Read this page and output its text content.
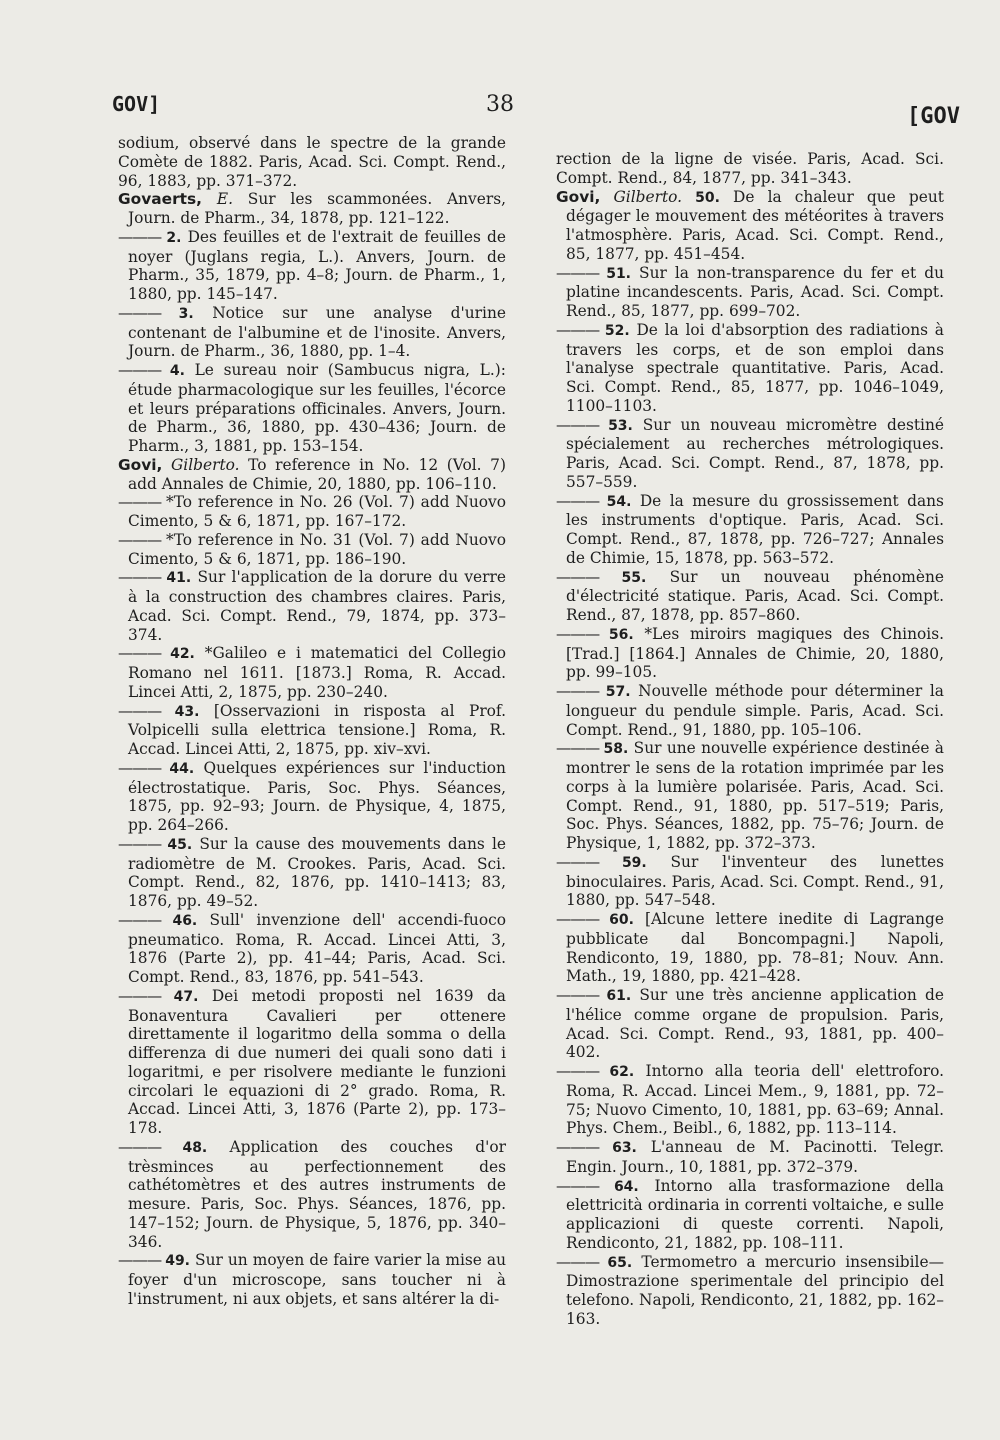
GOV]	38	[GOV

sodium, observé dans le spectre de la grande Comète de 1882. Paris, Acad. Sci. Compt. Rend., 96, 1883, pp. 371–372.

Govaerts, E. Sur les scammonées. Anvers, Journ. de Pharm., 34, 1878, pp. 121–122.

——— 2. Des feuilles et de l'extrait de feuilles de noyer (Juglans regia, L.). Anvers, Journ. de Pharm., 35, 1879, pp. 4–8; Journ. de Pharm., 1, 1880, pp. 145–147.

——— 3. Notice sur une analyse d'urine contenant de l'albumine et de l'inosite. Anvers, Journ. de Pharm., 36, 1880, pp. 1–4.

——— 4. Le sureau noir (Sambucus nigra, L.): étude pharmacologique sur les feuilles, l'écorce et leurs préparations officinales. Anvers, Journ. de Pharm., 36, 1880, pp. 430–436; Journ. de Pharm., 3, 1881, pp. 153–154.

Govi, Gilberto. To reference in No. 12 (Vol. 7) add Annales de Chimie, 20, 1880, pp. 106–110.

——— *To reference in No. 26 (Vol. 7) add Nuovo Cimento, 5 & 6, 1871, pp. 167–172.

——— *To reference in No. 31 (Vol. 7) add Nuovo Cimento, 5 & 6, 1871, pp. 186–190.

——— 41. Sur l'application de la dorure du verre à la construction des chambres claires. Paris, Acad. Sci. Compt. Rend., 79, 1874, pp. 373–374.

——— 42. *Galileo e i matematici del Collegio Romano nel 1611. [1873.] Roma, R. Accad. Lincei Atti, 2, 1875, pp. 230–240.

——— 43. [Osservazioni in risposta al Prof. Volpicelli sulla elettrica tensione.] Roma, R. Accad. Lincei Atti, 2, 1875, pp. xiv–xvi.

——— 44. Quelques expériences sur l'induction électrostatique. Paris, Soc. Phys. Séances, 1875, pp. 92–93; Journ. de Physique, 4, 1875, pp. 264–266.

——— 45. Sur la cause des mouvements dans le radiomètre de M. Crookes. Paris, Acad. Sci. Compt. Rend., 82, 1876, pp. 1410–1413; 83, 1876, pp. 49–52.

——— 46. Sull' invenzione dell' accendi-fuoco pneumatico. Roma, R. Accad. Lincei Atti, 3, 1876 (Parte 2), pp. 41–44; Paris, Acad. Sci. Compt. Rend., 83, 1876, pp. 541–543.

——— 47. Dei metodi proposti nel 1639 da Bonaventura Cavalieri per ottenere direttamente il logaritmo della somma o della differenza di due numeri dei quali sono dati i logaritmi, e per risolvere mediante le funzioni circolari le equazioni di 2° grado. Roma, R. Accad. Lincei Atti, 3, 1876 (Parte 2), pp. 173–178.

——— 48. Application des couches d'or trèsminces au perfectionnement des cathétomètres et des autres instruments de mesure. Paris, Soc. Phys. Séances, 1876, pp. 147–152; Journ. de Physique, 5, 1876, pp. 340–346.

——— 49. Sur un moyen de faire varier la mise au foyer d'un microscope, sans toucher ni à l'instrument, ni aux objets, et sans altérer la di-

rection de la ligne de visée. Paris, Acad. Sci. Compt. Rend., 84, 1877, pp. 341–343.

Govi, Gilberto. 50. De la chaleur que peut dégager le mouvement des météorites à travers l'atmosphère. Paris, Acad. Sci. Compt. Rend., 85, 1877, pp. 451–454.

——— 51. Sur la non-transparence du fer et du platine incandescents. Paris, Acad. Sci. Compt. Rend., 85, 1877, pp. 699–702.

——— 52. De la loi d'absorption des radiations à travers les corps, et de son emploi dans l'analyse spectrale quantitative. Paris, Acad. Sci. Compt. Rend., 85, 1877, pp. 1046–1049, 1100–1103.

——— 53. Sur un nouveau micromètre destiné spécialement au recherches métrologiques. Paris, Acad. Sci. Compt. Rend., 87, 1878, pp. 557–559.

——— 54. De la mesure du grossissement dans les instruments d'optique. Paris, Acad. Sci. Compt. Rend., 87, 1878, pp. 726–727; Annales de Chimie, 15, 1878, pp. 563–572.

——— 55. Sur un nouveau phénomène d'électricité statique. Paris, Acad. Sci. Compt. Rend., 87, 1878, pp. 857–860.

——— 56. *Les miroirs magiques des Chinois. [Trad.] [1864.] Annales de Chimie, 20, 1880, pp. 99–105.

——— 57. Nouvelle méthode pour déterminer la longueur du pendule simple. Paris, Acad. Sci. Compt. Rend., 91, 1880, pp. 105–106.

——— 58. Sur une nouvelle expérience destinée à montrer le sens de la rotation imprimée par les corps à la lumière polarisée. Paris, Acad. Sci. Compt. Rend., 91, 1880, pp. 517–519; Paris, Soc. Phys. Séances, 1882, pp. 75–76; Journ. de Physique, 1, 1882, pp. 372–373.

——— 59. Sur l'inventeur des lunettes binoculaires. Paris, Acad. Sci. Compt. Rend., 91, 1880, pp. 547–548.

——— 60. [Alcune lettere inedite di Lagrange pubblicate dal Boncompagni.] Napoli, Rendiconto, 19, 1880, pp. 78–81; Nouv. Ann. Math., 19, 1880, pp. 421–428.

——— 61. Sur une très ancienne application de l'hélice comme organe de propulsion. Paris, Acad. Sci. Compt. Rend., 93, 1881, pp. 400–402.

——— 62. Intorno alla teoria dell' elettroforo. Roma, R. Accad. Lincei Mem., 9, 1881, pp. 72–75; Nuovo Cimento, 10, 1881, pp. 63–69; Annal. Phys. Chem., Beibl., 6, 1882, pp. 113–114.

——— 63. L'anneau de M. Pacinotti. Telegr. Engin. Journ., 10, 1881, pp. 372–379.

——— 64. Intorno alla trasformazione della elettricità ordinaria in correnti voltaiche, e sulle applicazioni di queste correnti. Napoli, Rendiconto, 21, 1882, pp. 108–111.

——— 65. Termometro a mercurio insensibile—Dimostrazione sperimentale del principio del telefono. Napoli, Rendiconto, 21, 1882, pp. 162–163.
